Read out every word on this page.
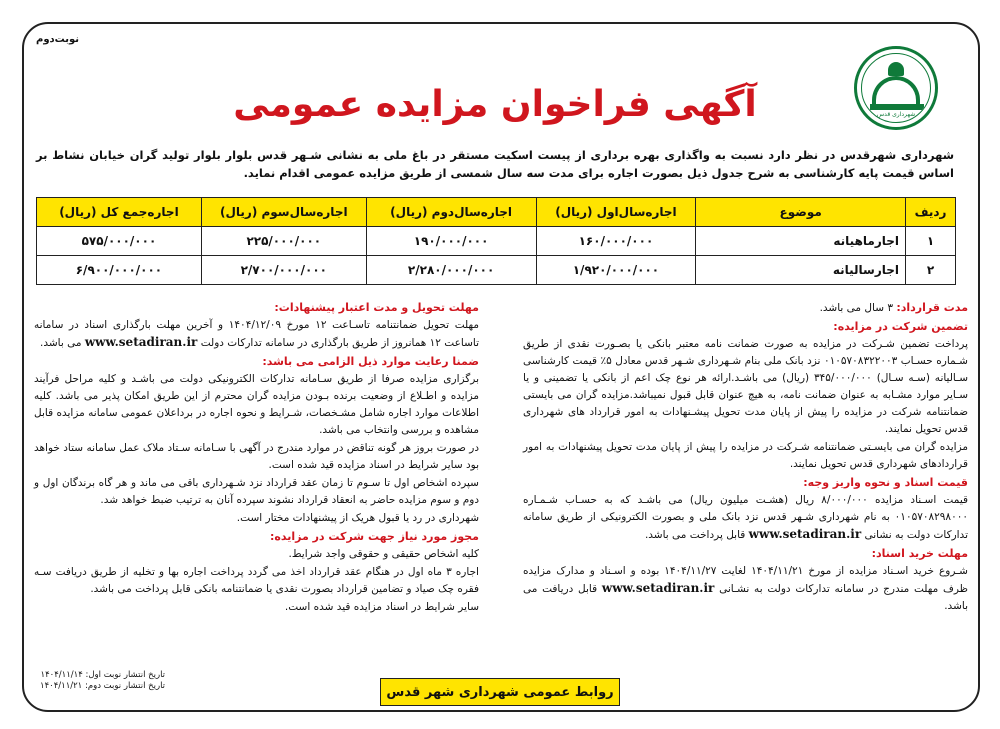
نوبت‌دوم
شهرداری قدس
آگهی فراخوان مزایده عمومی
شهرداری شهرقدس در نظر دارد نسبت به واگذاری بهره برداری از پیست اسکیت مستقر در باغ ملی به نشانی شـهر قدس بلوار بلوار تولید گران خیابان نشاط بر اساس قیمت پایه کارشناسی به شرح جدول ذیل بصورت اجاره برای مدت سه سال شمسی از طریق مزایده عمومی اقدام نماید.
ردیف	موضوع	اجاره‌سال‌اول (ریال)	اجاره‌سال‌دوم (ریال)	اجاره‌سال‌سوم (ریال)	اجاره‌جمع کل (ریال)
۱	اجارماهیانه	۱۶۰/۰۰۰/۰۰۰	۱۹۰/۰۰۰/۰۰۰	۲۲۵/۰۰۰/۰۰۰	۵۷۵/۰۰۰/۰۰۰
۲	اجارسالیانه	۱/۹۲۰/۰۰۰/۰۰۰	۲/۲۸۰/۰۰۰/۰۰۰	۲/۷۰۰/۰۰۰/۰۰۰	۶/۹۰۰/۰۰۰/۰۰۰

مدت قرارداد: ۳ سال می باشد.

تضمین شرکت در مزایده:

پرداخت تضمین شـرکت در مزایده به صورت ضمانت نامه معتبر بانکی یا بصـورت نقدی از طریق شـماره حسـاب ۰۱۰۵۷۰۸۳۲۲۰۰۳ نزد بانک ملی بنام شـهرداری شـهر قدس معادل ۵٪ قیمت کارشناسی سـالیانه (سـه سـال) ۳۴۵/۰۰۰/۰۰۰ (ریال) می باشـد.ارائه هر نوع چک اعم از بانکی یا تضمینی و یا سـایر موارد مشـابه به عنوان ضمانت نامه، به هیچ عنوان قابل قبول نمیباشد.مزایده گران می بایستی ضمانتنامه شرکت در مزایده را پیش از پایان مدت تحویل پیشـنهادات به امور قرارداد های شهرداری قدس تحویل نمایند.

مزایده گران می بایسـتی ضمانتنامه شـرکت در مزایده را پیش از پایان مدت تحویل پیشنهادات به امور قراردادهای شهرداری قدس تحویل نمایند.

قیمت اسناد و نحوه واریز وجه:

قیمت اسـناد مزایده ۸/۰۰۰/۰۰۰ ریال (هشـت میلیون ریال) می باشـد که به حسـاب شـمـاره ۰۱۰۵۷۰۸۲۹۸۰۰۰ به نام شهرداری شـهر قدس نزد بانک ملی و بصورت الکترونیکی از طریق سامانه تدارکات دولت به نشانی www.setadiran.ir قابل پرداخت می باشد.

مهلت خرید اسناد:

شـروع خرید اسـناد مزایده از مورخ ۱۴۰۴/۱۱/۲۱ لغایت ۱۴۰۴/۱۱/۲۷ بوده و اسـناد و مدارک مزایده ظرف مهلت مندرج در سامانه تدارکات دولت به نشـانی www.setadiran.ir قابل دریافت می باشد.

مهلت تحویل و مدت اعتبار پیشنهادات:

مهلت تحویل ضمانتنامه تاسـاعت ۱۲ مورخ ۱۴۰۴/۱۲/۰۹ و آخرین مهلت بارگذاری اسناد در سامانه تاساعت ۱۲ همانروز از طریق بارگذاری در سامانه تدارکات دولت www.setadiran.ir می باشد.

ضمنا رعایت موارد ذیل الزامی می باشد:

برگزاری مزایده صرفا از طریق سـامانه تدارکات الکترونیکی دولت می باشـد و کلیه مراحل فرآیند مزایده و اطـلاع از وضعیت برنده بـودن مزایده گران محترم از این طریق امکان پذیر می باشد. کلیه اطلاعات موارد اجاره شامل مشـخصات، شـرایط و نحوه اجاره در برداعلان عمومی سامانه مزایده قابل مشاهده و بررسی وانتخاب می باشد.

در صورت بروز هر گونه تناقض در موارد مندرج در آگهی با سـامانه سـتاد ملاک عمل سامانه ستاد خواهد بود سایر شرایط در اسناد مزایده قید شده است.

سپرده اشخاص اول تا سـوم تا زمان عقد قرارداد نزد شـهرداری باقی می ماند و هر گاه برندگان اول و دوم و سوم مزایده حاضر به انعقاد قرارداد نشوند سپرده آنان به ترتیب ضبط خواهد شد.

شهرداری در رد یا قبول هریک از پیشنهادات مختار است.

مجوز مورد نیاز جهت شرکت در مزایده:

کلیه اشخاص حقیقی و حقوقی واجد شرایط.

اجاره ۳ ماه اول در هنگام عقد قرارداد اخذ می گردد پرداخت اجاره بها و تخلیه از طریق دریافت سـه فقره چک صیاد و تضامین قرارداد بصورت نقدی یا ضمانتنامه بانکی قابل پرداخت می باشد.

سایر شرایط در اسناد مزایده قید شده است.

تاریخ انتشار نوبت اول: ۱۴۰۴/۱۱/۱۴
تاریخ انتشار نوبت دوم: ۱۴۰۴/۱۱/۲۱	روابط عمومی شهرداری شهر قدس
